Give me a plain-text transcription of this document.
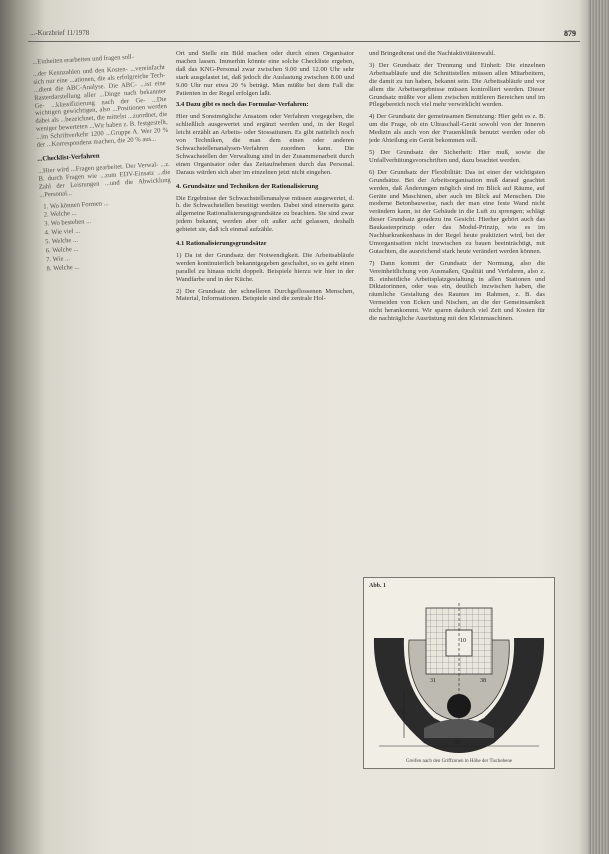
...-Kurzbrief 11/1978	879

...Einheiten erarbeiten und fragen soll-

...der Kennzahlen und den Kosten- ...vereinfacht sich nur eine ...ationen, die als erfolgreiche Tech- ...dient die ABC-Analyse. Die ABC- ...ist eine Rasterdarstellung aller ...Dinge nach bekannter Ge- ...klassifizierung nach der Ge- ...Die wichtigen gewichtigen, also ...Positionen werden dabei als ...bezeichnet, die mittelst ...zuordnet, die weniger bewerteten ...Wir haben z. B. festgestellt, ...im Schriftverkehr 1200 ...Gruppe A. Wer 20 % der ...Korrespondenz machen, die 20 % aus...

...Checklist-Verfahren

...Hier wird ...Fragen gearbeitet. Der Verwal- ...z. B. durch Fragen wie ...zum EDV-Einsatz ...die Zahl der Leistungen ...und die Abwicklung ...Personal...

1. Wo können Formen ...
2. Welche ...
3. Wo bestehen ...
4. Wie viel ...
5. Welche ...
6. Welche ...
7. Wie ...
8. Welche ...

Ort und Stelle ein Bild machen oder durch einen Organisator machen lassen. Immerhin könnte eine solche Checkliste ergeben, daß das KNG-Personal zwar zwischen 9.00 und 12.00 Uhr sehr stark ausgelastet ist, daß jedoch die Auslastung zwischen 8.00 und 9.00 Uhr nur etwa 20 % beträgt. Man müßte bei dem Fall die Patienten in der Regel erfolgen laßt.

3.4 Dazu gibt es noch das Formular-Verfahren:

Hier und Sonstmögliche Ansatzen oder Verfahren vorgegeben, die schließlich ausgewertet und ergänzt werden und, in der Regel leicht erzählt an Arbeits- oder Stossatiunen. Es gibt natürlich noch von Techniken, die man dem einen oder anderen Schwachstellenanalysen-Verfahren zuordnen kann. Die Schwachstellen der Verwaltung sind in der Zusammenarbeit durch einen Organisator oder das Zeitaufnehmen durch das Personal. Daraus würden sich aber im einzelnen jetzt nicht eingehen.

4. Grundsätze und Techniken der Rationalisierung

Die Ergebnisse der Schwachstellenanalyse müssen ausgewertet, d. h. die Schwachstellen beseitigt werden. Dabei sind einerseits ganz allgemeine Rationalisierungsgrundsätze zu beachten. Sie sind zwar jedem bekannt, werden aber oft außer acht gelassen, deshalb gebietet sie, daß ich einmal aufzähle.

4.1 Rationalisierungsgrundsätze

1) Da ist der Grundsatz der Notwendigkeit. Die Arbeitsabläufe werden kontinuierlich bekanntgegeben geschaltet, so es geht einen parallel zu hinaus nicht doppelt. Beispiele hierzu wir hier in der Wandfarbe und in der Küche.

2) Der Grundsatz der schnelleren Durchgeflossenen Menschen, Material, Informationen. Beispiele sind die zentrale Hol-

und Bringedienst und die Nachtaktivitätenwahl.

3) Der Grundsatz der Trennung und Einheit: Die einzelnen Arbeitsabläufe und die Schnittstellen müssen allen Mitarbeitern, die damit zu tun haben, bekannt sein. Die Arbeitsabläufe und vor allem die Arbeitsergebnisse müssen kontrolliert werden. Dieser Grundsatz müßte vor allem zwischen mittleren Bereichen und im Pflegebereich noch viel mehr verwirklicht werden.

4) Der Grundsatz der gemeinsamen Benutzung: Hier geht es z. B. um die Frage, ob ein Ultraschall-Gerät sowohl von der Inneren Medizin als auch von der Frauenklinik benutzt werden oder ob jede Abteilung ein Gerät bekommen soll.

5) Der Grundsatz der Sicherheit: Hier muß, sowie die Unfallverhütungsvorschriften und, dazu beachtet werden.

6) Der Grundsatz der Flexibilität: Das ist einer der wichtigsten Grundsätze. Bei der Arbeitsorganisation muß darauf geachtet werden, daß Änderungen möglich sind im Blick auf Räume, auf Geräte und Maschinen, aber auch im Blick auf Menschen. Die moderne Betonbauweise, nach der man eine feste Wand nicht verändern kann, ist der Gebäude in die Luft zu sprengen; schlägt dieser Grundsatz geradezu ins Gesicht. Hierher gehört auch das Baukastenprinzip oder das Modul-Prinzip, wie es im Nachbarkrankenhaus in der Regel heute praktiziert wird, bei der Umorganisation nicht inzwischen zu bauen beeinträchtigt, mit Gutachten, die ausreichend stark heute verändert werden können.

7) Dann kommt der Grundsatz der Normung, also die Vereinheitlichung von Ausmaßen, Qualität und Verfahren, also z. B. einheitliche Arbeitsplatzgestaltung in allen Stationen und Diktatorinnen, oder was ein, deutlich inzwischen haben, die räumliche Gestaltung des Raumes im Rahmen, z. B. das Vermeiden von Ecken und Nischen, an die der Gemeinsamkeit nicht herankommt. Wir sparen dadurch viel Zeit und Kosten für die nachträgliche Ausrüstung mit den Kleinmaschinen.

Abb. 1
10
50
15
31	38
Greifen nach den Griffzonen in Höhe der Tischebene
